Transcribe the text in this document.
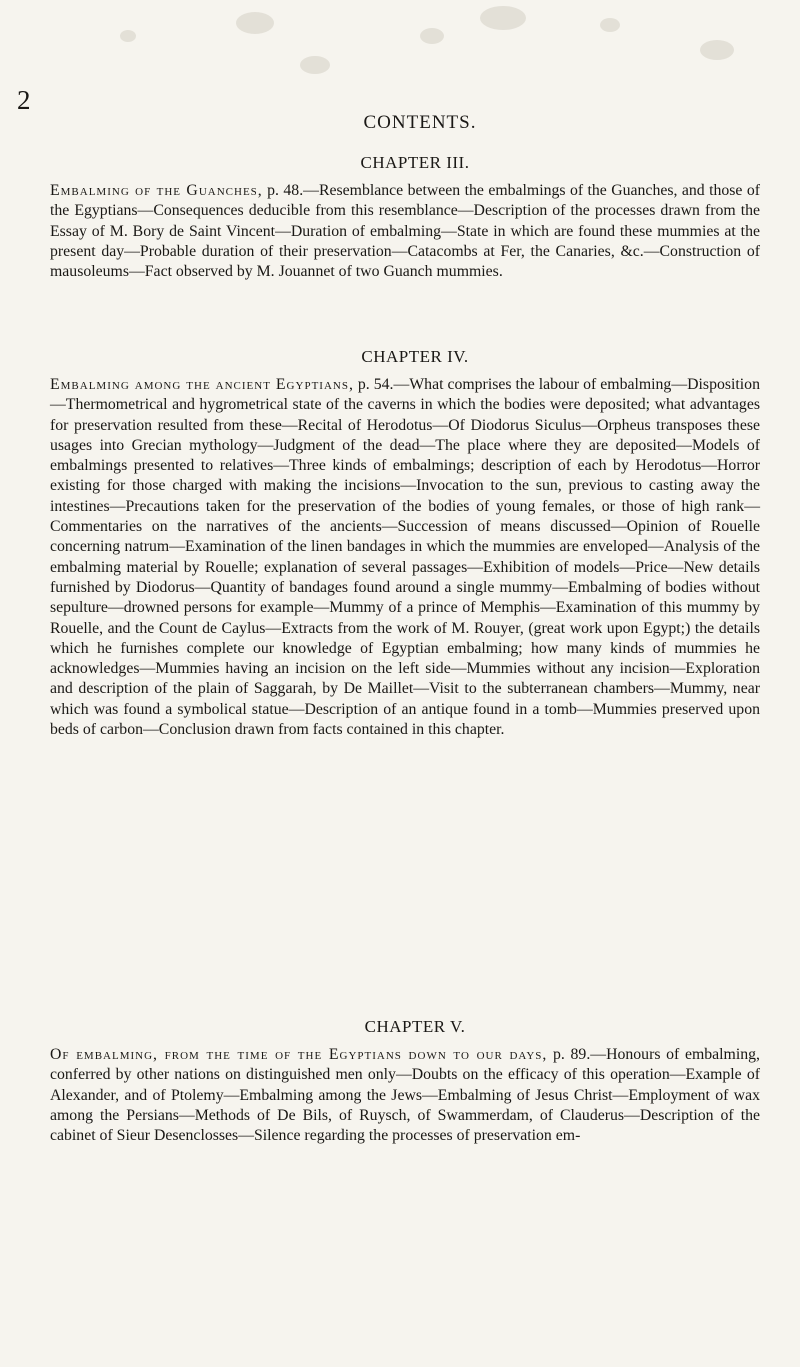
2
CONTENTS.
CHAPTER III.

Embalming of the Guanches, p. 48.—Resemblance between the embalmings of the Guanches, and those of the Egyptians—Consequences deducible from this resemblance—Description of the processes drawn from the Essay of M. Bory de Saint Vincent—Duration of embalming—State in which are found these mummies at the present day—Probable duration of their preservation—Catacombs at Fer, the Canaries, &c.—Construction of mausoleums—Fact observed by M. Jouannet of two Guanch mummies.

CHAPTER IV.

Embalming among the ancient Egyptians, p. 54.—What comprises the labour of embalming—Disposition—Thermometrical and hygrometrical state of the caverns in which the bodies were deposited; what advantages for preservation resulted from these—Recital of Herodotus—Of Diodorus Siculus—Orpheus transposes these usages into Grecian mythology—Judgment of the dead—The place where they are deposited—Models of embalmings presented to relatives—Three kinds of embalmings; description of each by Herodotus—Horror existing for those charged with making the incisions—Invocation to the sun, previous to casting away the intestines—Precautions taken for the preservation of the bodies of young females, or those of high rank—Commentaries on the narratives of the ancients—Succession of means discussed—Opinion of Rouelle concerning natrum—Examination of the linen bandages in which the mummies are enveloped—Analysis of the embalming material by Rouelle; explanation of several passages—Exhibition of models—Price—New details furnished by Diodorus—Quantity of bandages found around a single mummy—Embalming of bodies without sepulture—drowned persons for example—Mummy of a prince of Memphis—Examination of this mummy by Rouelle, and the Count de Caylus—Extracts from the work of M. Rouyer, (great work upon Egypt;) the details which he furnishes complete our knowledge of Egyptian embalming; how many kinds of mummies he acknowledges—Mummies having an incision on the left side—Mummies without any incision—Exploration and description of the plain of Saggarah, by De Maillet—Visit to the subterranean chambers—Mummy, near which was found a symbolical statue—Description of an antique found in a tomb—Mummies preserved upon beds of carbon—Conclusion drawn from facts contained in this chapter.

CHAPTER V.

Of embalming, from the time of the Egyptians down to our days, p. 89.—Honours of embalming, conferred by other nations on distinguished men only—Doubts on the efficacy of this operation—Example of Alexander, and of Ptolemy—Embalming among the Jews—Embalming of Jesus Christ—Employment of wax among the Persians—Methods of De Bils, of Ruysch, of Swammerdam, of Clauderus—Description of the cabinet of Sieur Desenclosses—Silence regarding the processes of preservation em-
